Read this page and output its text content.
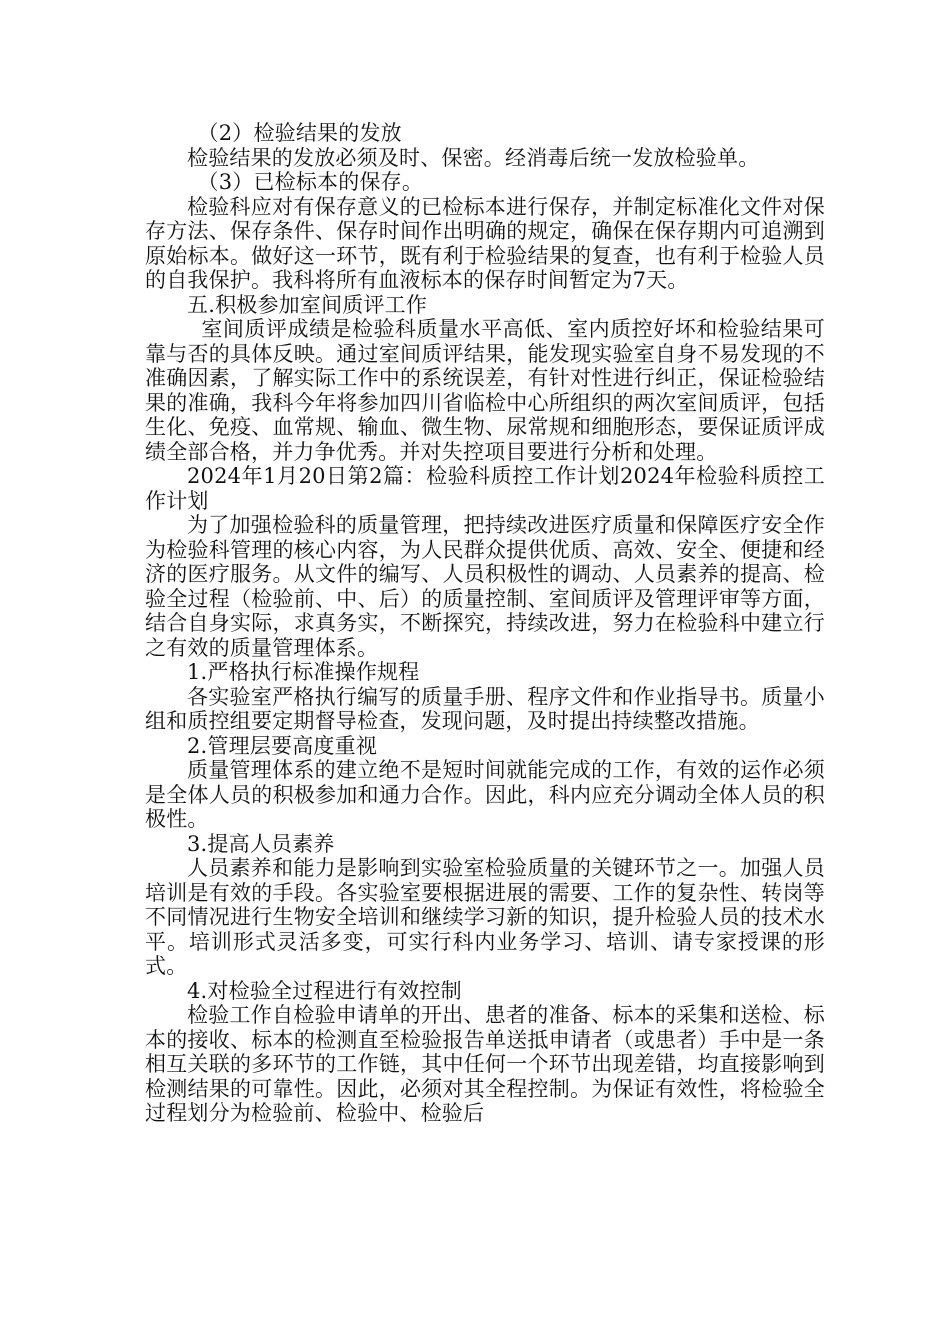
（2）检验结果的发放

检验结果的发放必须及时、保密。经消毒后统一发放检验单。

（3）已检标本的保存。

检验科应对有保存意义的已检标本进行保存，并制定标准化文件对保存方法、保存条件、保存时间作出明确的规定，确保在保存期内可追溯到原始标本。做好这一环节，既有利于检验结果的复查，也有利于检验人员的自我保护。我科将所有血液标本的保存时间暂定为7天。

五.积极参加室间质评工作

室间质评成绩是检验科质量水平高低、室内质控好坏和检验结果可靠与否的具体反映。通过室间质评结果，能发现实验室自身不易发现的不准确因素，了解实际工作中的系统误差，有针对性进行纠正，保证检验结果的准确，我科今年将参加四川省临检中心所组织的两次室间质评，包括生化、免疫、血常规、输血、微生物、尿常规和细胞形态，要保证质评成绩全部合格，并力争优秀。并对失控项目要进行分析和处理。

2024年1月20日第2篇：检验科质控工作计划2024年检验科质控工作计划

为了加强检验科的质量管理，把持续改进医疗质量和保障医疗安全作为检验科管理的核心内容，为人民群众提供优质、高效、安全、便捷和经济的医疗服务。从文件的编写、人员积极性的调动、人员素养的提高、检验全过程（检验前、中、后）的质量控制、室间质评及管理评审等方面，结合自身实际，求真务实，不断探究，持续改进，努力在检验科中建立行之有效的质量管理体系。

1.严格执行标准操作规程

各实验室严格执行编写的质量手册、程序文件和作业指导书。质量小组和质控组要定期督导检查，发现问题，及时提出持续整改措施。

2.管理层要高度重视

质量管理体系的建立绝不是短时间就能完成的工作，有效的运作必须是全体人员的积极参加和通力合作。因此，科内应充分调动全体人员的积极性。

3.提高人员素养

人员素养和能力是影响到实验室检验质量的关键环节之一。加强人员培训是有效的手段。各实验室要根据进展的需要、工作的复杂性、转岗等不同情况进行生物安全培训和继续学习新的知识，提升检验人员的技术水平。培训形式灵活多变，可实行科内业务学习、培训、请专家授课的形式。

4.对检验全过程进行有效控制

检验工作自检验申请单的开出、患者的准备、标本的采集和送检、标本的接收、标本的检测直至检验报告单送抵申请者（或患者）手中是一条相互关联的多环节的工作链，其中任何一个环节出现差错，均直接影响到检测结果的可靠性。因此，必须对其全程控制。为保证有效性，将检验全过程划分为检验前、检验中、检验后
